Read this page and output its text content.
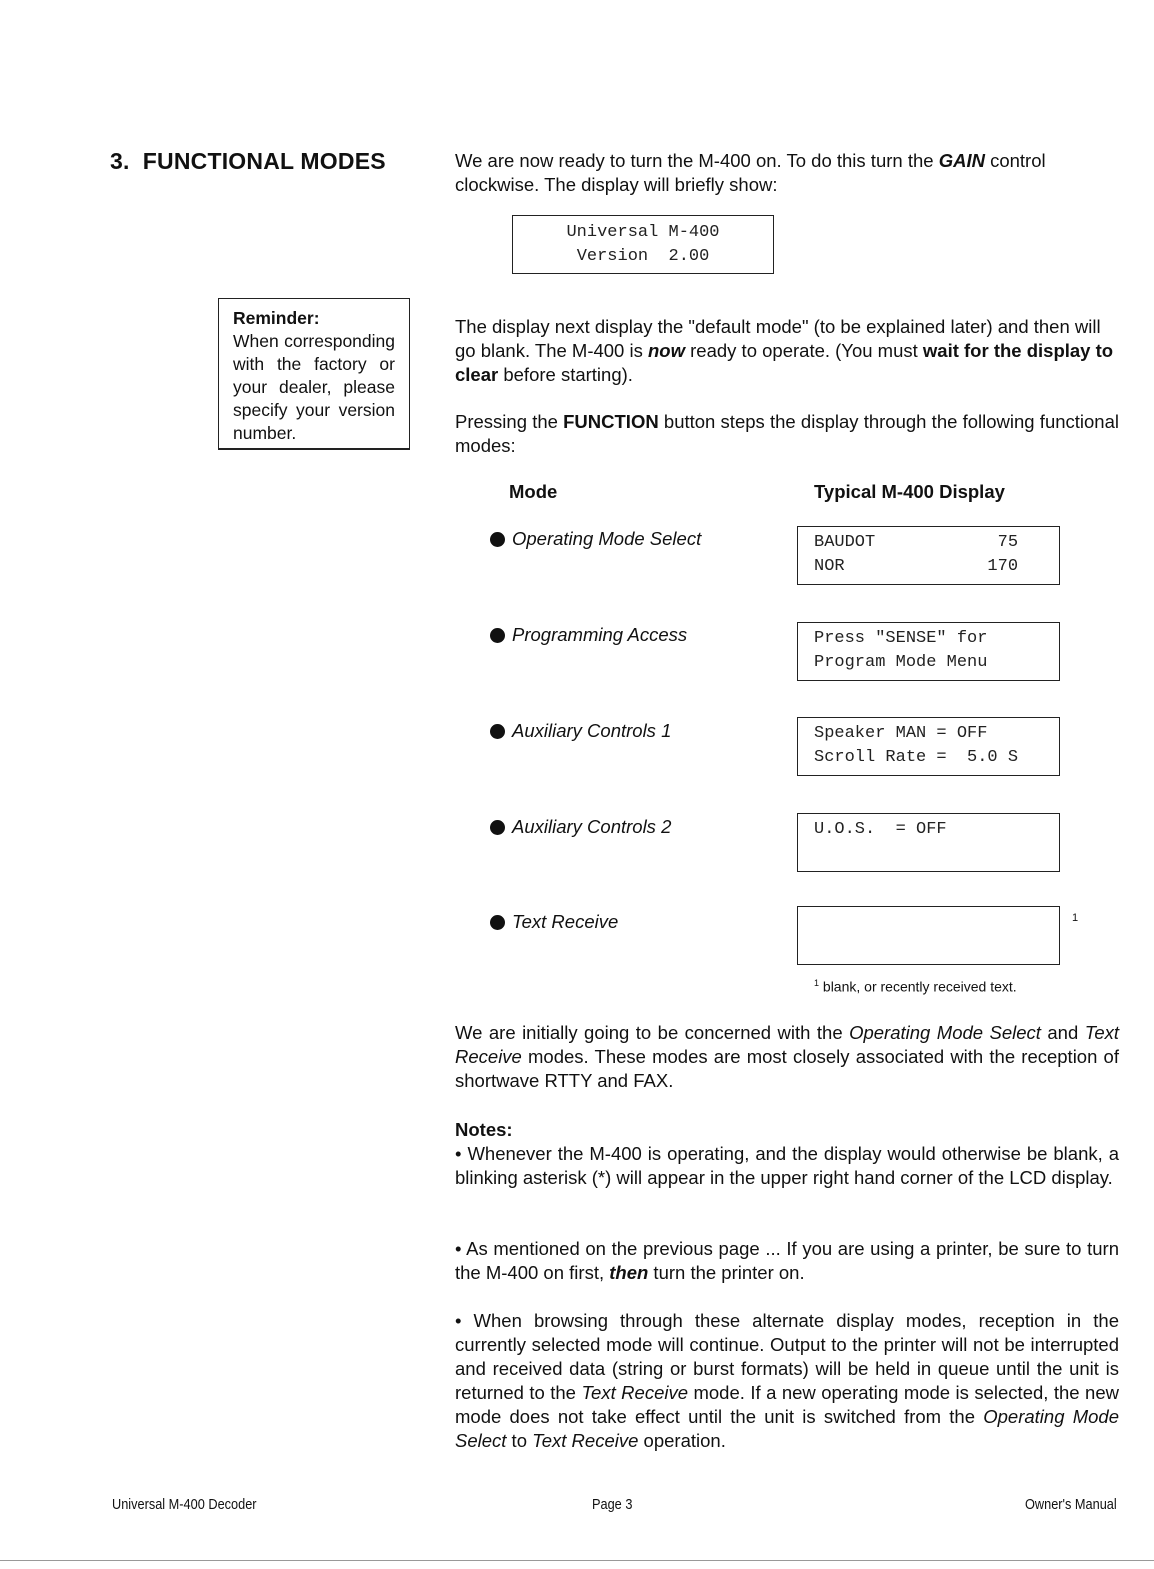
3. FUNCTIONAL MODES	We are now ready to turn the M-400 on. To do this turn the GAIN control clockwise. The display will briefly show:
Universal M-400
Version  2.00
Reminder:
When corresponding with the factory or your dealer, please specify your version number.
The display next display the "default mode" (to be explained later) and then will go blank. The M-400 is now ready to operate. (You must wait for the display to clear before starting).
Pressing the FUNCTION button steps the display through the following functional modes:
Mode	Typical M-400 Display
Operating Mode Select	BAUDOT            75
NOR              170
Programming Access	Press "SENSE" for
Program Mode Menu
Auxiliary Controls 1	Speaker MAN = OFF
Scroll Rate =  5.0 S
Auxiliary Controls 2	U.O.S.  = OFF
Text Receive	1
$^1$ blank, or recently received text.
We are initially going to be concerned with the Operating Mode Select and Text Receive modes. These modes are most closely associated with the reception of shortwave RTTY and FAX.
Notes:
• Whenever the M-400 is operating, and the display would otherwise be blank, a blinking asterisk (*) will appear in the upper right hand corner of the LCD display.
• As mentioned on the previous page ... If you are using a printer, be sure to turn the M-400 on first, then turn the printer on.
• When browsing through these alternate display modes, reception in the currently selected mode will continue. Output to the printer will not be interrupted and received data (string or burst formats) will be held in queue until the unit is returned to the Text Receive mode. If a new operating mode is selected, the new mode does not take effect until the unit is switched from the Operating Mode Select to Text Receive operation.
Universal M-400 Decoder	Page 3	Owner's Manual
